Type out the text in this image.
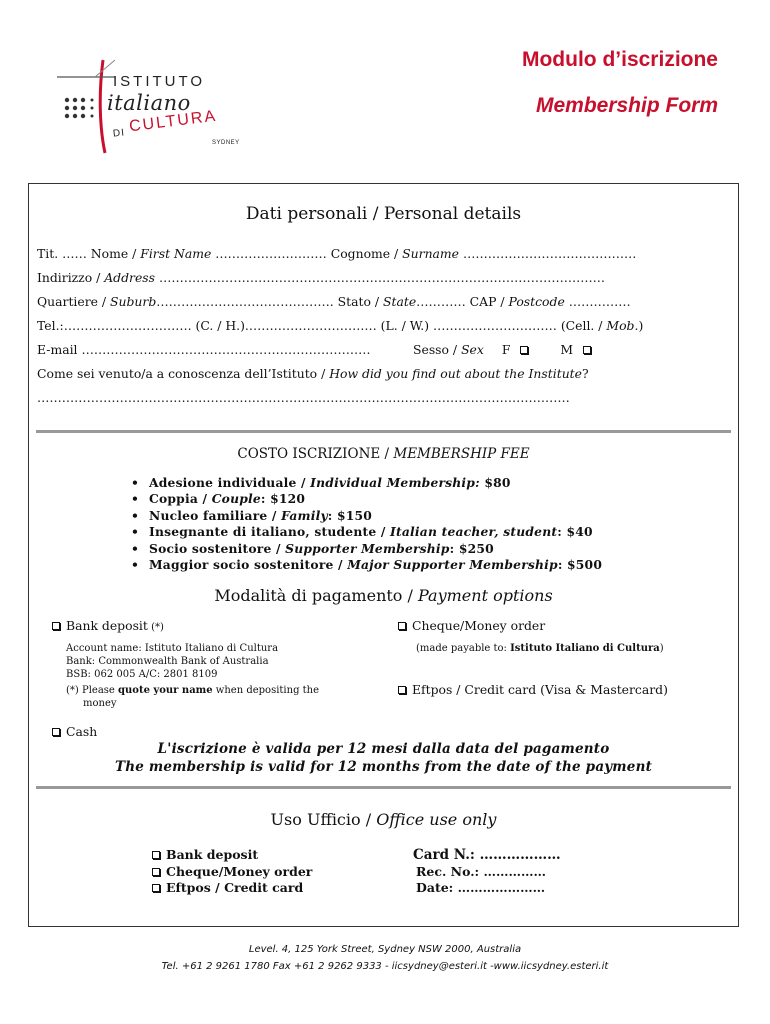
ISTITUTO
italiano
DI CULTURA
SYDNEY
Modulo d’iscrizione
Membership Form
Dati personali / Personal details
Tit. …… Nome / First Name ……………………… Cognome / Surname ……………………………………
Indirizzo / Address ………………………………………………………………………………………………
Quartiere / Suburb……………………………………. Stato / State………… CAP / Postcode ……………
Tel.:…………………………. (C. / H.).……………………….… (L. / W.) ………………………… (Cell. / Mob.)
E-mail …………………………………………………………….	Sesso / Sex F	M
Come sei venuto/a a conoscenza dell’Istituto / How did you find out about the Institute?
…………………………………………………………………………………………………………………
COSTO ISCRIZIONE / MEMBERSHIP FEE
• Adesione individuale / Individual Membership: $80
• Coppia / Couple: $120
• Nucleo familiare / Family: $150
• Insegnante di italiano, studente / Italian teacher, student: $40
• Socio sostenitore / Supporter Membership: $250
• Maggior socio sostenitore / Major Supporter Membership: $500
Modalità di pagamento / Payment options
Bank deposit (*)
Account name: Istituto Italiano di Cultura
Bank: Commonwealth Bank of Australia
BSB: 062 005 A/C: 2801 8109
(*) Please quote your name when depositing the
money
Cheque/Money order
(made payable to: Istituto Italiano di Cultura)
Eftpos / Credit card (Visa & Mastercard)
Cash
L'iscrizione è valida per 12 mesi dalla data del pagamento
The membership is valid for 12 months from the date of the payment
Uso Ufficio / Office use only
Bank deposit
Cheque/Money order
Eftpos / Credit card
Card N.: ………………
Rec. No.: ……………
Date: …………………
Level. 4, 125 York Street, Sydney NSW 2000, Australia
Tel. +61 2 9261 1780 Fax +61 2 9262 9333 - iicsydney@esteri.it -www.iicsydney.esteri.it
